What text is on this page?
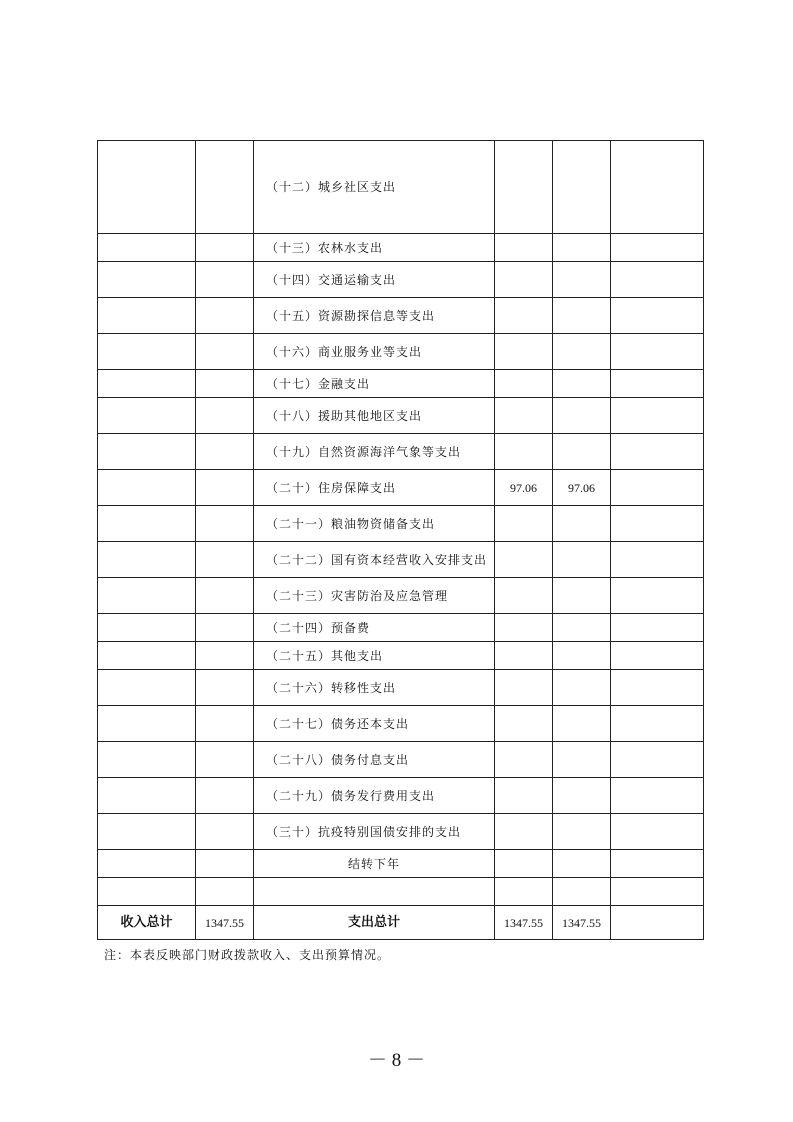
		（十二）城乡社区支出			
		（十三）农林水支出			
		（十四）交通运输支出			
		（十五）资源勘探信息等支出			
		（十六）商业服务业等支出			
		（十七）金融支出			
		（十八）援助其他地区支出			
		（十九）自然资源海洋气象等支出			
		（二十）住房保障支出	97.06	97.06	
		（二十一）粮油物资储备支出			
		（二十二）国有资本经营收入安排支出			
		（二十三）灾害防治及应急管理			
		（二十四）预备费			
		（二十五）其他支出			
		（二十六）转移性支出			
		（二十七）债务还本支出			
		（二十八）债务付息支出			
		（二十九）债务发行费用支出			
		（三十）抗疫特别国债安排的支出			
		结转下年			

收入总计	1347.55	支出总计	1347.55	1347.55	
注：本表反映部门财政拨款收入、支出预算情况。
－ 8 －
